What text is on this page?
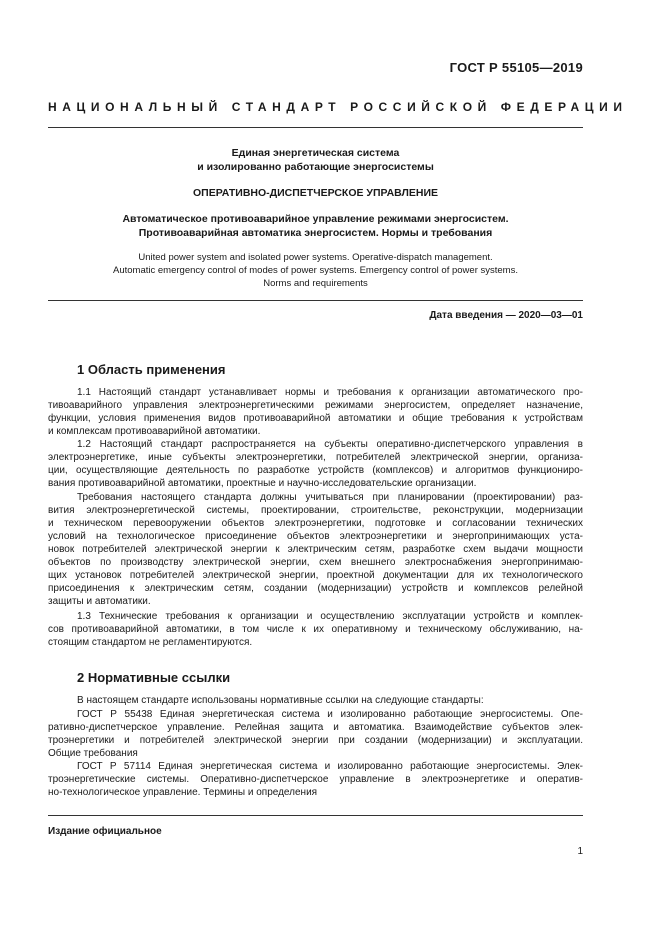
ГОСТ Р 55105—2019
НАЦИОНАЛЬНЫЙ СТАНДАРТ РОССИЙСКОЙ ФЕДЕРАЦИИ
Единая энергетическая система
и изолированно работающие энергосистемы
ОПЕРАТИВНО-ДИСПЕТЧЕРСКОЕ УПРАВЛЕНИЕ
Автоматическое противоаварийное управление режимами энергосистем.
Противоаварийная автоматика энергосистем. Нормы и требования
United power system and isolated power systems. Operative-dispatch management.
Automatic emergency control of modes of power systems. Emergency control of power systems.
Norms and requirements
Дата введения — 2020—03—01
1 Область применения
1.1 Настоящий стандарт устанавливает нормы и требования к организации автоматического про-
тивоаварийного управления электроэнергетическими режимами энергосистем, определяет назначение,
функции, условия применения видов противоаварийной автоматики и общие требования к устройствам
и комплексам противоаварийной автоматики.
1.2 Настоящий стандарт распространяется на субъекты оперативно-диспетчерского управления в
электроэнергетике, иные субъекты электроэнергетики, потребителей электрической энергии, организа-
ции, осуществляющие деятельность по разработке устройств (комплексов) и алгоритмов функциониро-
вания противоаварийной автоматики, проектные и научно-исследовательские организации.
Требования настоящего стандарта должны учитываться при планировании (проектировании) раз-
вития электроэнергетической системы, проектировании, строительстве, реконструкции, модернизации
и техническом перевооружении объектов электроэнергетики, подготовке и согласовании технических
условий на технологическое присоединение объектов электроэнергетики и энергопринимающих уста-
новок потребителей электрической энергии к электрическим сетям, разработке схем выдачи мощности
объектов по производству электрической энергии, схем внешнего электроснабжения энергопринимаю-
щих установок потребителей электрической энергии, проектной документации для их технологического
присоединения к электрическим сетям, создании (модернизации) устройств и комплексов релейной
защиты и автоматики.
1.3 Технические требования к организации и осуществлению эксплуатации устройств и комплек-
сов противоаварийной автоматики, в том числе к их оперативному и техническому обслуживанию, на-
стоящим стандартом не регламентируются.
2 Нормативные ссылки
В настоящем стандарте использованы нормативные ссылки на следующие стандарты:
ГОСТ Р 55438 Единая энергетическая система и изолированно работающие энергосистемы. Опе-
ративно-диспетчерское управление. Релейная защита и автоматика. Взаимодействие субъектов элек-
троэнергетики и потребителей электрической энергии при создании (модернизации) и эксплуатации.
Общие требования
ГОСТ Р 57114 Единая энергетическая система и изолированно работающие энергосистемы. Элек-
троэнергетические системы. Оперативно-диспетчерское управление в электроэнергетике и оператив-
но-технологическое управление. Термины и определения
Издание официальное
1
